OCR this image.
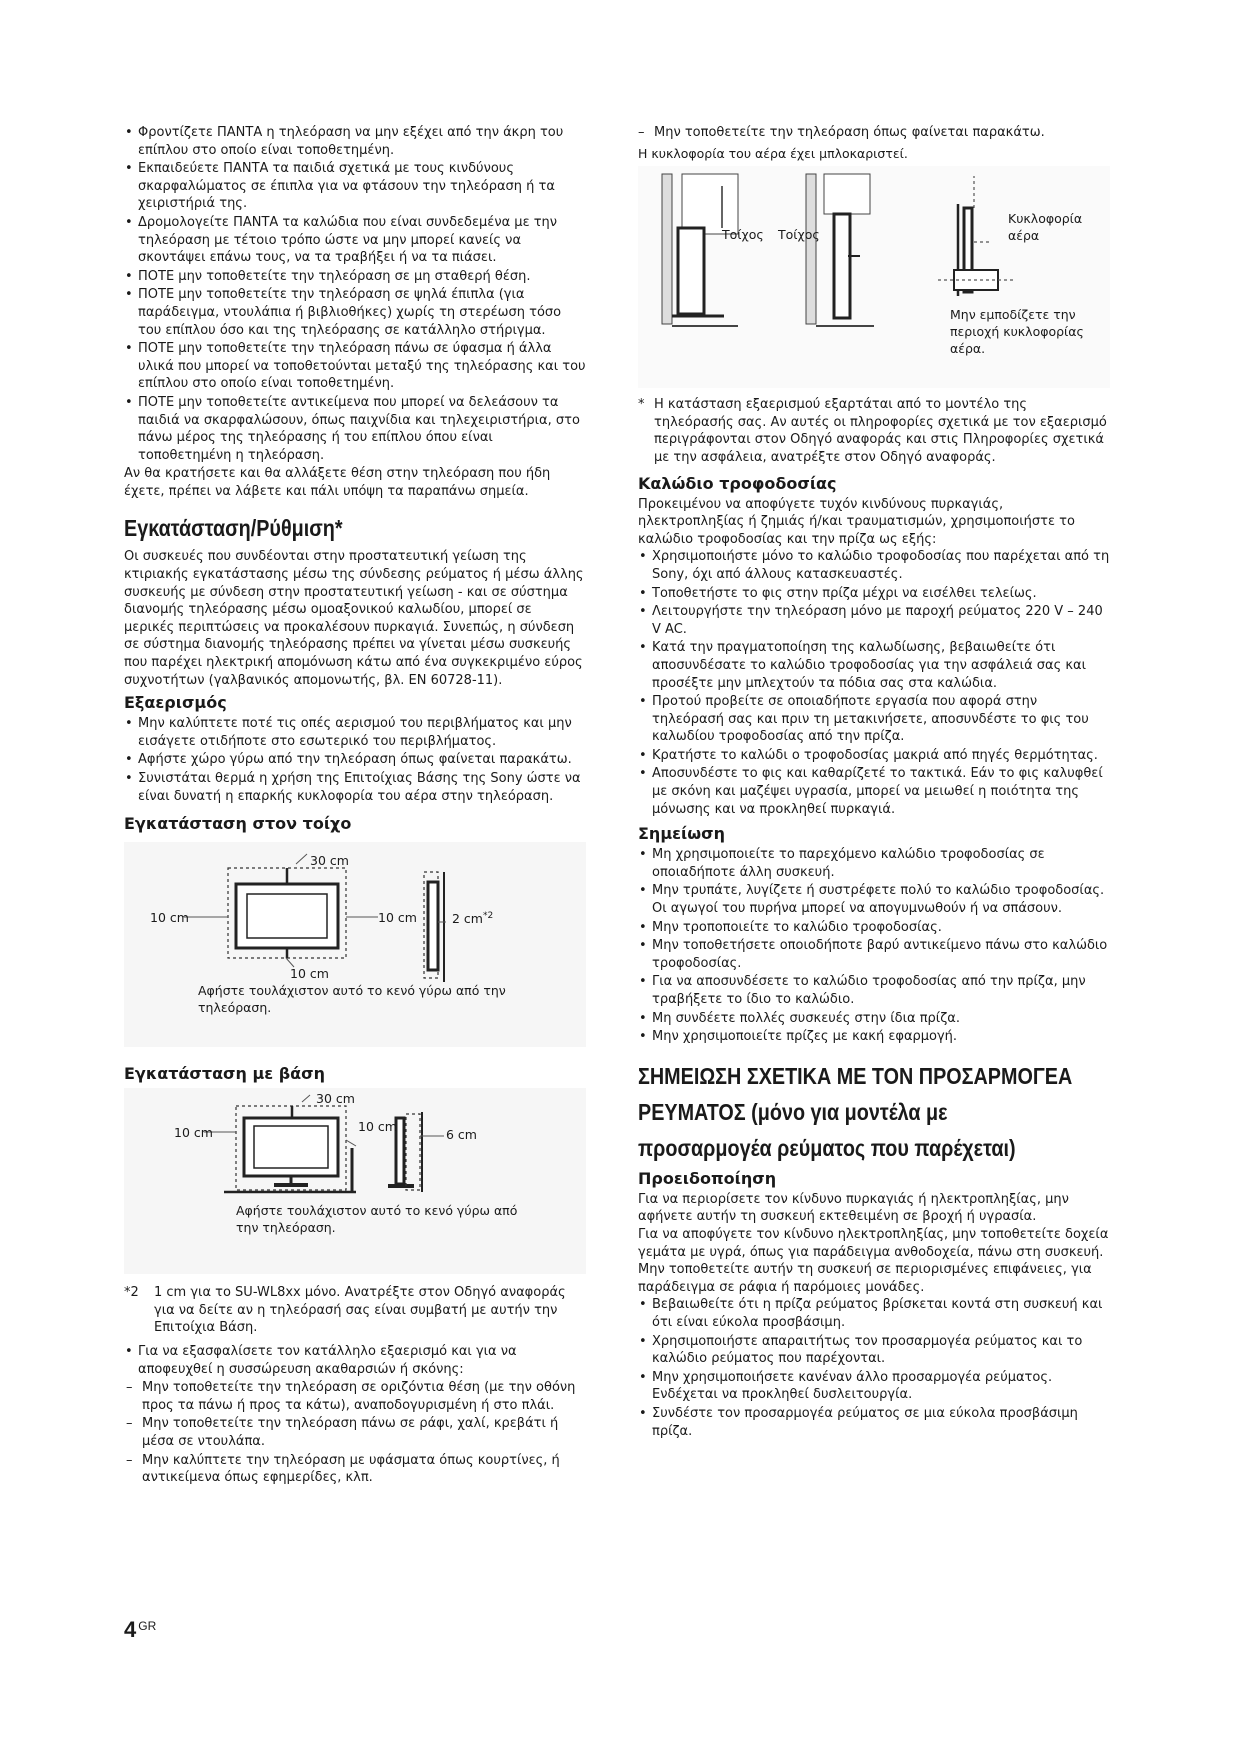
• Φροντίζετε ΠΑΝΤΑ η τηλεόραση να μην εξέχει από την άκρη του επίπλου στο οποίο είναι τοποθετημένη.
• Εκπαιδεύετε ΠΑΝΤΑ τα παιδιά σχετικά με τους κινδύνους σκαρφαλώματος σε έπιπλα για να φτάσουν την τηλεόραση ή τα χειριστήριά της.
• Δρομολογείτε ΠΑΝΤΑ τα καλώδια που είναι συνδεδεμένα με την τηλεόραση με τέτοιο τρόπο ώστε να μην μπορεί κανείς να σκοντάψει επάνω τους, να τα τραβήξει ή να τα πιάσει.
• ΠΟΤΕ μην τοποθετείτε την τηλεόραση σε μη σταθερή θέση.
• ΠΟΤΕ μην τοποθετείτε την τηλεόραση σε ψηλά έπιπλα (για παράδειγμα, ντουλάπια ή βιβλιοθήκες) χωρίς τη στερέωση τόσο του επίπλου όσο και της τηλεόρασης σε κατάλληλο στήριγμα.
• ΠΟΤΕ μην τοποθετείτε την τηλεόραση πάνω σε ύφασμα ή άλλα υλικά που μπορεί να τοποθετούνται μεταξύ της τηλεόρασης και του επίπλου στο οποίο είναι τοποθετημένη.
• ΠΟΤΕ μην τοποθετείτε αντικείμενα που μπορεί να δελεάσουν τα παιδιά να σκαρφαλώσουν, όπως παιχνίδια και τηλεχειριστήρια, στο πάνω μέρος της τηλεόρασης ή του επίπλου όπου είναι τοποθετημένη η τηλεόραση.

Αν θα κρατήσετε και θα αλλάξετε θέση στην τηλεόραση που ήδη έχετε, πρέπει να λάβετε και πάλι υπόψη τα παραπάνω σημεία.

Εγκατάσταση/Ρύθμιση*

Οι συσκευές που συνδέονται στην προστατευτική γείωση της κτιριακής εγκατάστασης μέσω της σύνδεσης ρεύματος ή μέσω άλλης συσκευής με σύνδεση στην προστατευτική γείωση - και σε σύστημα διανομής τηλεόρασης μέσω ομοαξονικού καλωδίου, μπορεί σε μερικές περιπτώσεις να προκαλέσουν πυρκαγιά. Συνεπώς, η σύνδεση σε σύστημα διανομής τηλεόρασης πρέπει να γίνεται μέσω συσκευής που παρέχει ηλεκτρική απομόνωση κάτω από ένα συγκεκριμένο εύρος συχνοτήτων (γαλβανικός απομονωτής, βλ. EN 60728-11).

Εξαερισμός
• Μην καλύπτετε ποτέ τις οπές αερισμού του περιβλήματος και μην εισάγετε οτιδήποτε στο εσωτερικό του περιβλήματος.
• Αφήστε χώρο γύρω από την τηλεόραση όπως φαίνεται παρακάτω.
• Συνιστάται θερμά η χρήση της Επιτοίχιας Βάσης της Sony ώστε να είναι δυνατή η επαρκής κυκλοφορία του αέρα στην τηλεόραση.
Εγκατάσταση στον τοίχο
30 cm
10 cm	10 cm
10 cm
2 $cm^{*2}$
Αφήστε τουλάχιστον αυτό το κενό γύρω από την τηλεόραση.
Εγκατάσταση με βάση
30 cm
10 cm	10 cm
6 cm
Αφήστε τουλάχιστον αυτό το κενό γύρω από την τηλεόραση.

*2 1 cm για το SU-WL8xx μόνο. Ανατρέξτε στον Οδηγό αναφοράς για να δείτε αν η τηλεόρασή σας είναι συμβατή με αυτήν την Επιτοίχια Βάση.

• Για να εξασφαλίσετε τον κατάλληλο εξαερισμό και για να αποφευχθεί η συσσώρευση ακαθαρσιών ή σκόνης:
– Μην τοποθετείτε την τηλεόραση σε οριζόντια θέση (με την οθόνη προς τα πάνω ή προς τα κάτω), αναποδογυρισμένη ή στο πλάι.
– Μην τοποθετείτε την τηλεόραση πάνω σε ράφι, χαλί, κρεβάτι ή μέσα σε ντουλάπα.
– Μην καλύπτετε την τηλεόραση με υφάσματα όπως κουρτίνες, ή αντικείμενα όπως εφημερίδες, κλπ.
– Μην τοποθετείτε την τηλεόραση όπως φαίνεται παρακάτω.

Η κυκλοφορία του αέρα έχει μπλοκαριστεί.

Τοίχος Τοίχος
Κυκλοφορία αέρα
Μην εμποδίζετε την περιοχή κυκλοφορίας αέρα.

* Η κατάσταση εξαερισμού εξαρτάται από το μοντέλο της τηλεόρασής σας. Αν αυτές οι πληροφορίες σχετικά με τον εξαερισμό περιγράφονται στον Οδηγό αναφοράς και στις Πληροφορίες σχετικά με την ασφάλεια, ανατρέξτε στον Οδηγό αναφοράς.

Καλώδιο τροφοδοσίας

Προκειμένου να αποφύγετε τυχόν κινδύνους πυρκαγιάς, ηλεκτροπληξίας ή ζημιάς ή/και τραυματισμών, χρησιμοποιήστε το καλώδιο τροφοδοσίας και την πρίζα ως εξής:

• Χρησιμοποιήστε μόνο το καλώδιο τροφοδοσίας που παρέχεται από τη Sony, όχι από άλλους κατασκευαστές.
• Τοποθετήστε το φις στην πρίζα μέχρι να εισέλθει τελείως.
• Λειτουργήστε την τηλεόραση μόνο με παροχή ρεύματος 220 V – 240 V AC.
• Κατά την πραγματοποίηση της καλωδίωσης, βεβαιωθείτε ότι αποσυνδέσατε το καλώδιο τροφοδοσίας για την ασφάλειά σας και προσέξτε μην μπλεχτούν τα πόδια σας στα καλώδια.
• Προτού προβείτε σε οποιαδήποτε εργασία που αφορά στην τηλεόρασή σας και πριν τη μετακινήσετε, αποσυνδέστε το φις του καλωδίου τροφοδοσίας από την πρίζα.
• Κρατήστε το καλώδι ο τροφοδοσίας μακριά από πηγές θερμότητας.
• Αποσυνδέστε το φις και καθαρίζετέ το τακτικά. Εάν το φις καλυφθεί με σκόνη και μαζέψει υγρασία, μπορεί να μειωθεί η ποιότητα της μόνωσης και να προκληθεί πυρκαγιά.
Σημείωση
• Μη χρησιμοποιείτε το παρεχόμενο καλώδιο τροφοδοσίας σε οποιαδήποτε άλλη συσκευή.
• Μην τρυπάτε, λυγίζετε ή συστρέφετε πολύ το καλώδιο τροφοδοσίας. Οι αγωγοί του πυρήνα μπορεί να απογυμνωθούν ή να σπάσουν.
• Μην τροποποιείτε το καλώδιο τροφοδοσίας.
• Μην τοποθετήσετε οποιοδήποτε βαρύ αντικείμενο πάνω στο καλώδιο τροφοδοσίας.
• Για να αποσυνδέσετε το καλώδιο τροφοδοσίας από την πρίζα, μην τραβήξετε το ίδιο το καλώδιο.
• Μη συνδέετε πολλές συσκευές στην ίδια πρίζα.
• Μην χρησιμοποιείτε πρίζες με κακή εφαρμογή.
ΣΗΜΕΙΩΣΗ ΣΧΕΤΙΚΑ ΜΕ ΤΟΝ ΠΡΟΣΑΡΜΟΓΕΑ
ΡΕΥΜΑΤΟΣ (μόνο για μοντέλα με
προσαρμογέα ρεύματος που παρέχεται)
Προειδοποίηση

Για να περιορίσετε τον κίνδυνο πυρκαγιάς ή ηλεκτροπληξίας, μην αφήνετε αυτήν τη συσκευή εκτεθειμένη σε βροχή ή υγρασία.

Για να αποφύγετε τον κίνδυνο ηλεκτροπληξίας, μην τοποθετείτε δοχεία γεμάτα με υγρά, όπως για παράδειγμα ανθοδοχεία, πάνω στη συσκευή. Μην τοποθετείτε αυτήν τη συσκευή σε περιορισμένες επιφάνειες, για παράδειγμα σε ράφια ή παρόμοιες μονάδες.

• Βεβαιωθείτε ότι η πρίζα ρεύματος βρίσκεται κοντά στη συσκευή και ότι είναι εύκολα προσβάσιμη.
• Χρησιμοποιήστε απαραιτήτως τον προσαρμογέα ρεύματος και το καλώδιο ρεύματος που παρέχονται.
• Μην χρησιμοποιήσετε κανέναν άλλο προσαρμογέα ρεύματος. Ενδέχεται να προκληθεί δυσλειτουργία.
• Συνδέστε τον προσαρμογέα ρεύματος σε μια εύκολα προσβάσιμη πρίζα.
4 $^{GR}$
